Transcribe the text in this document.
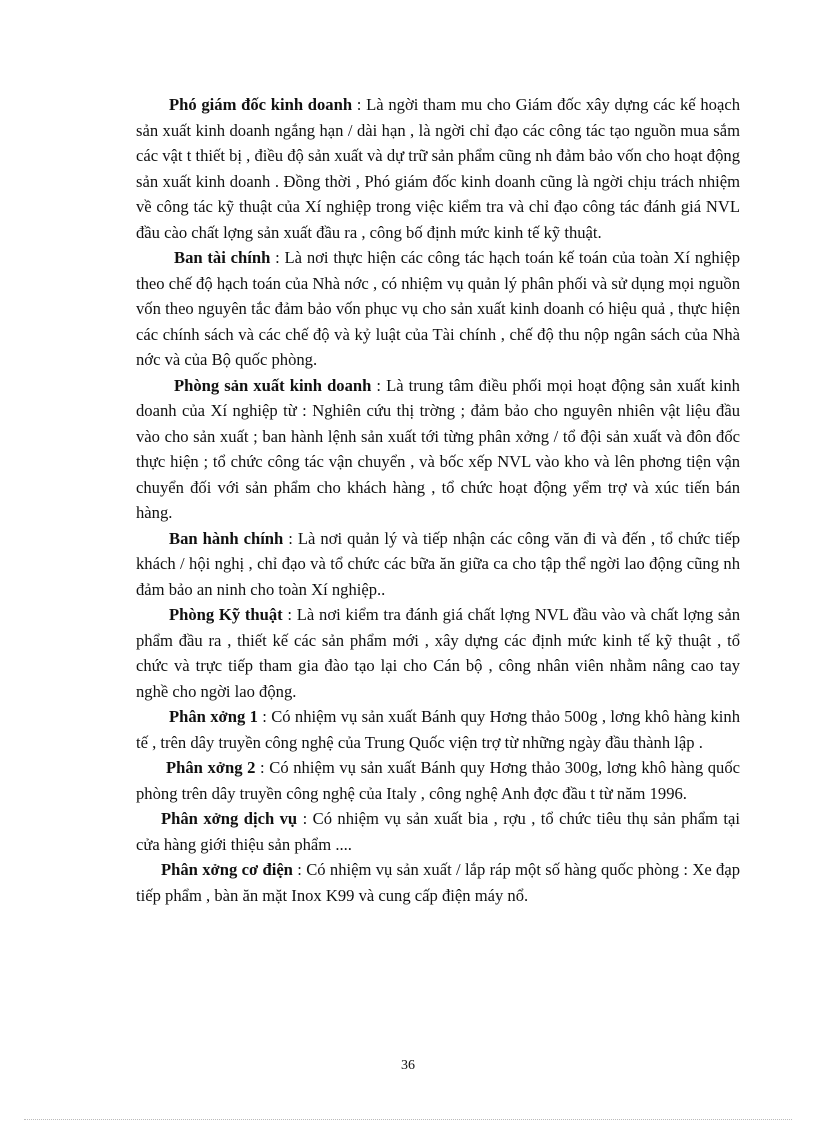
Phó giám đốc kinh doanh : Là ngời tham mu cho Giám đốc xây dựng các kế hoạch sản xuất kinh doanh ngắng hạn / dài hạn , là ngời chỉ đạo các công tác tạo nguồn mua sắm các vật t thiết bị , điều độ sản xuất và dự trữ sản phẩm cũng nh đảm bảo vốn cho hoạt động sản xuất kinh doanh . Đồng thời , Phó giám đốc kinh doanh cũng là ngời chịu trách nhiệm về công tác kỹ thuật của Xí nghiệp trong việc kiểm tra và chỉ đạo công tác đánh giá NVL đầu cào chất lợng sản xuất đầu ra , công bố định mức kinh tế kỹ thuật.

Ban tài chính : Là nơi thực hiện các công tác hạch toán kế toán của toàn Xí nghiệp theo chế độ hạch toán của Nhà nớc , có nhiệm vụ quản lý phân phối và sử dụng mọi nguồn vốn theo nguyên tắc đảm bảo vốn phục vụ cho sản xuất kinh doanh có hiệu quả , thực hiện các chính sách và các chế độ và kỷ luật của Tài chính , chế độ thu nộp ngân sách của Nhà nớc và của Bộ quốc phòng.

Phòng sản xuất kinh doanh : Là trung tâm điều phối mọi hoạt động sản xuất kinh doanh của Xí nghiệp từ : Nghiên cứu thị trờng ; đảm bảo cho nguyên nhiên vật liệu đầu vào cho sản xuất ; ban hành lệnh sản xuất tới từng phân xởng / tổ đội sản xuất và đôn đốc thực hiện ; tổ chức công tác vận chuyển , và bốc xếp NVL vào kho và lên phơng tiện vận chuyển đối với sản phẩm cho khách hàng , tổ chức hoạt động yểm trợ và xúc tiến bán hàng.

Ban hành chính : Là nơi quản lý và tiếp nhận các công văn đi và đến , tổ chức tiếp khách / hội nghị , chỉ đạo và tổ chức các bữa ăn giữa ca cho tập thể ngời lao động cũng nh đảm bảo an ninh cho toàn Xí nghiệp..

Phòng Kỹ thuật : Là nơi kiểm tra đánh giá chất lợng NVL đầu vào và chất lợng sản phẩm đầu ra , thiết kế các sản phẩm mới , xây dựng các định mức kinh tế kỹ thuật , tổ chức và trực tiếp tham gia đào tạo lại cho Cán bộ , công nhân viên nhằm nâng cao tay nghề cho ngời lao động.

Phân xởng 1 : Có nhiệm vụ sản xuất Bánh quy Hơng thảo 500g , lơng khô hàng kinh tế , trên dây truyền công nghệ của Trung Quốc viện trợ từ những ngày đầu thành lập .

Phân xởng 2 : Có nhiệm vụ sản xuất Bánh quy Hơng thảo 300g, lơng khô hàng quốc phòng trên dây truyền công nghệ của Italy , công nghệ Anh đợc đầu t từ năm 1996.

Phân xởng dịch vụ : Có nhiệm vụ sản xuất bia , rợu , tổ chức tiêu thụ sản phẩm tại cửa hàng giới thiệu sản phẩm ....

Phân xởng cơ điện : Có nhiệm vụ sản xuất / lắp ráp một số hàng quốc phòng : Xe đạp tiếp phẩm , bàn ăn mặt Inox K99 và cung cấp điện máy nổ.

36
